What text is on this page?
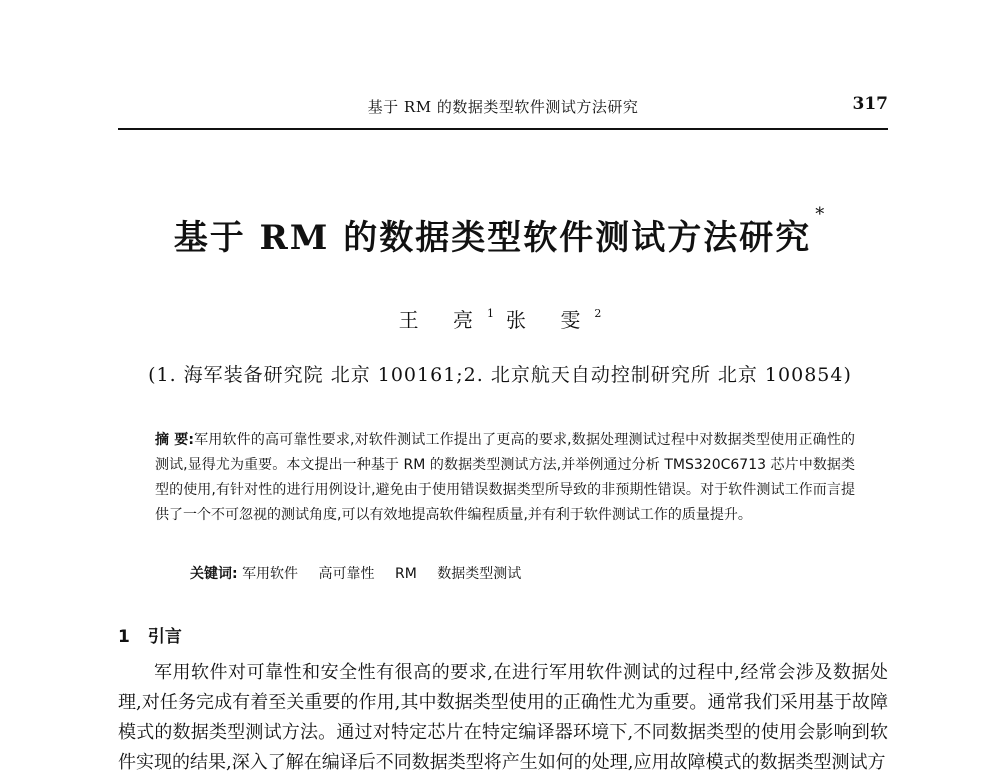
基于 RM 的数据类型软件测试方法研究	317
基于 RM 的数据类型软件测试方法研究*
王 亮$^1$ 张 雯$^2$
(1. 海军装备研究院 北京 100161;2. 北京航天自动控制研究所 北京 100854)
摘 要:军用软件的高可靠性要求,对软件测试工作提出了更高的要求,数据处理测试过程中对数据类型使用正确性的测试,显得尤为重要。本文提出一种基于 RM 的数据类型测试方法,并举例通过分析 TMS320C6713 芯片中数据类型的使用,有针对性的进行用例设计,避免由于使用错误数据类型所导致的非预期性错误。对于软件测试工作而言提供了一个不可忽视的测试角度,可以有效地提高软件编程质量,并有利于软件测试工作的质量提升。
关键词: 军用软件 高可靠性 RM 数据类型测试
1 引言
军用软件对可靠性和安全性有很高的要求,在进行军用软件测试的过程中,经常会涉及数据处理,对任务完成有着至关重要的作用,其中数据类型使用的正确性尤为重要。通常我们采用基于故障模式的数据类型测试方法。通过对特定芯片在特定编译器环境下,不同数据类型的使用会影响到软件实现的结果,深入了解在编译后不同数据类型将产生如何的处理,应用故障模式的数据类型测试方
